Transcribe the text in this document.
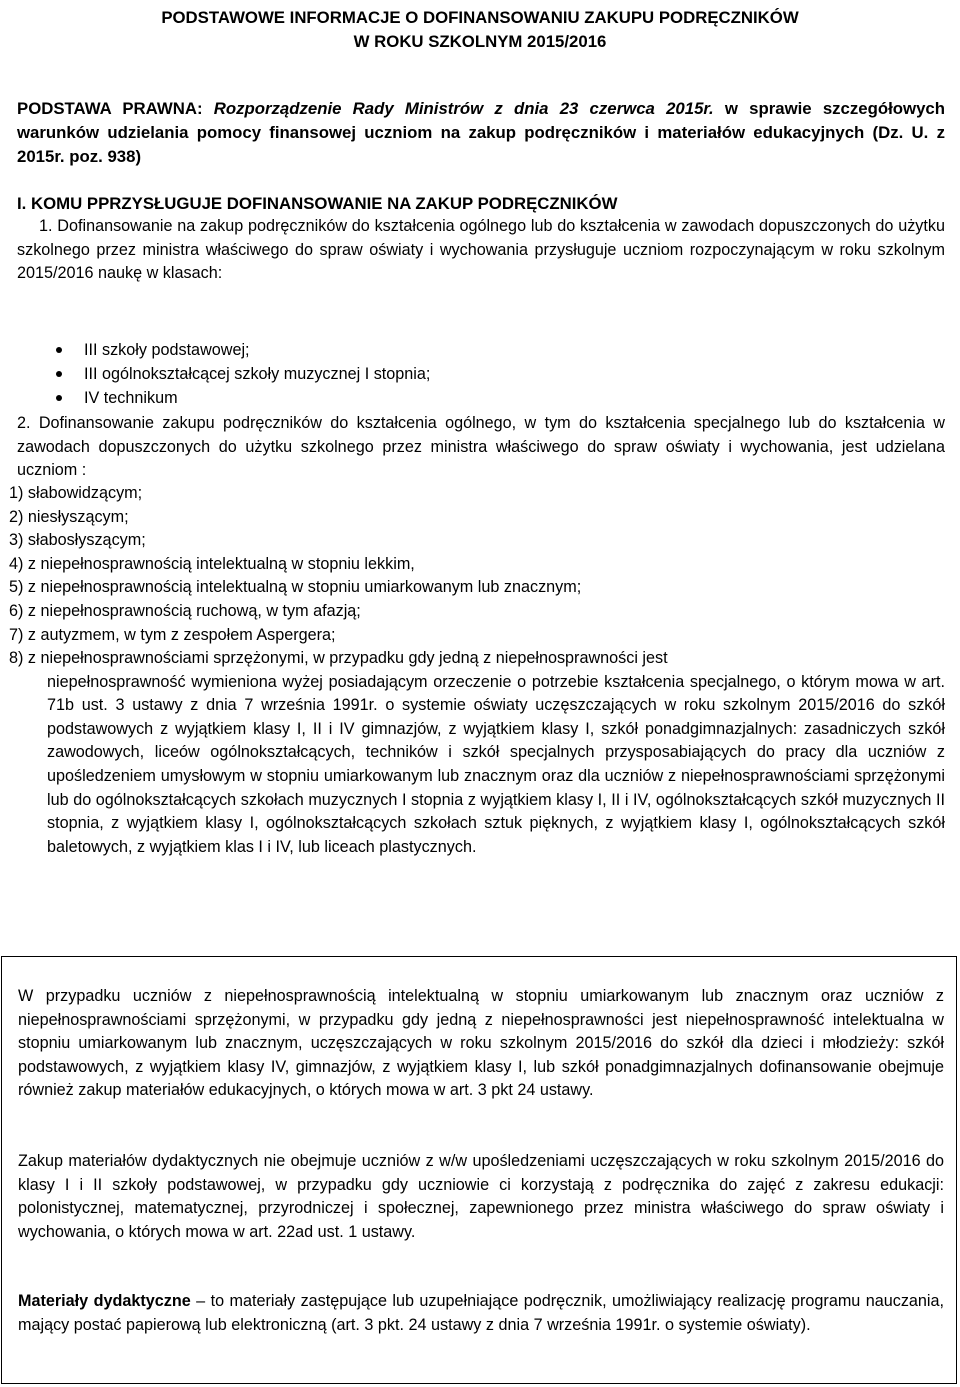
PODSTAWOWE INFORMACJE O DOFINANSOWANIU ZAKUPU PODRĘCZNIKÓW
W ROKU SZKOLNYM 2015/2016
PODSTAWA PRAWNA: Rozporządzenie Rady Ministrów z dnia 23 czerwca 2015r. w sprawie szczegółowych warunków udzielania pomocy finansowej uczniom na zakup podręczników i materiałów edukacyjnych (Dz. U. z 2015r. poz. 938)
I. KOMU PPRZYSŁUGUJE DOFINANSOWANIE NA ZAKUP PODRĘCZNIKÓW
1. Dofinansowanie na zakup podręczników do kształcenia ogólnego lub do kształcenia w zawodach dopuszczonych do użytku szkolnego przez ministra właściwego do spraw oświaty i wychowania przysługuje uczniom rozpoczynającym w roku szkolnym 2015/2016 naukę w klasach:
III szkoły podstawowej;
III ogólnokształcącej szkoły muzycznej I stopnia;
IV technikum
2. Dofinansowanie zakupu podręczników do kształcenia ogólnego, w tym do kształcenia specjalnego lub do kształcenia w zawodach dopuszczonych do użytku szkolnego przez ministra właściwego do spraw oświaty i wychowania, jest udzielana uczniom :
1) słabowidzącym;
2) niesłyszącym;
3) słabosłyszącym;
4) z niepełnosprawnością intelektualną w stopniu lekkim,
5) z niepełnosprawnością intelektualną w stopniu umiarkowanym lub znacznym;
6) z niepełnosprawnością ruchową, w tym afazją;
7) z autyzmem, w tym z zespołem Aspergera;
8) z niepełnosprawnościami sprzężonymi, w przypadku gdy jedną z niepełnosprawności jest
niepełnosprawność wymieniona wyżej posiadającym orzeczenie o potrzebie kształcenia specjalnego, o którym mowa w art. 71b ust. 3 ustawy z dnia 7 września 1991r. o systemie oświaty uczęszczających w roku szkolnym 2015/2016 do szkół podstawowych z wyjątkiem klasy I, II i IV gimnazjów, z wyjątkiem klasy I, szkół ponadgimnazjalnych: zasadniczych szkół zawodowych, liceów ogólnokształcących, techników i szkół specjalnych przysposabiających do pracy dla uczniów z upośledzeniem umysłowym w stopniu umiarkowanym lub znacznym oraz dla uczniów z niepełnosprawnościami sprzężonymi lub do ogólnokształcących szkołach muzycznych I stopnia z wyjątkiem klasy I, II i IV, ogólnokształcących szkół muzycznych II stopnia, z wyjątkiem klasy I, ogólnokształcących szkołach sztuk pięknych, z wyjątkiem klasy I, ogólnokształcących szkół baletowych, z wyjątkiem klas I i IV, lub liceach plastycznych.
W przypadku uczniów z niepełnosprawnością intelektualną w stopniu umiarkowanym lub znacznym oraz uczniów z niepełnosprawnościami sprzężonymi, w przypadku gdy jedną z niepełnosprawności jest niepełnosprawność intelektualna w stopniu umiarkowanym lub znacznym, uczęszczających w roku szkolnym 2015/2016 do szkół dla dzieci i młodzieży: szkół podstawowych, z wyjątkiem klasy IV, gimnazjów, z wyjątkiem klasy I, lub szkół ponadgimnazjalnych dofinansowanie obejmuje również zakup materiałów edukacyjnych, o których mowa w art. 3 pkt 24 ustawy.
Zakup materiałów dydaktycznych nie obejmuje uczniów z w/w upośledzeniami uczęszczających w roku szkolnym 2015/2016 do klasy I i II szkoły podstawowej, w przypadku gdy uczniowie ci korzystają z podręcznika do zajęć z zakresu edukacji: polonistycznej, matematycznej, przyrodniczej i społecznej, zapewnionego przez ministra właściwego do spraw oświaty i wychowania, o których mowa w art. 22ad ust. 1 ustawy.
Materiały dydaktyczne – to materiały zastępujące lub uzupełniające podręcznik, umożliwiający realizację programu nauczania, mający postać papierową lub elektroniczną (art. 3 pkt. 24 ustawy z dnia 7 września 1991r. o systemie oświaty).
